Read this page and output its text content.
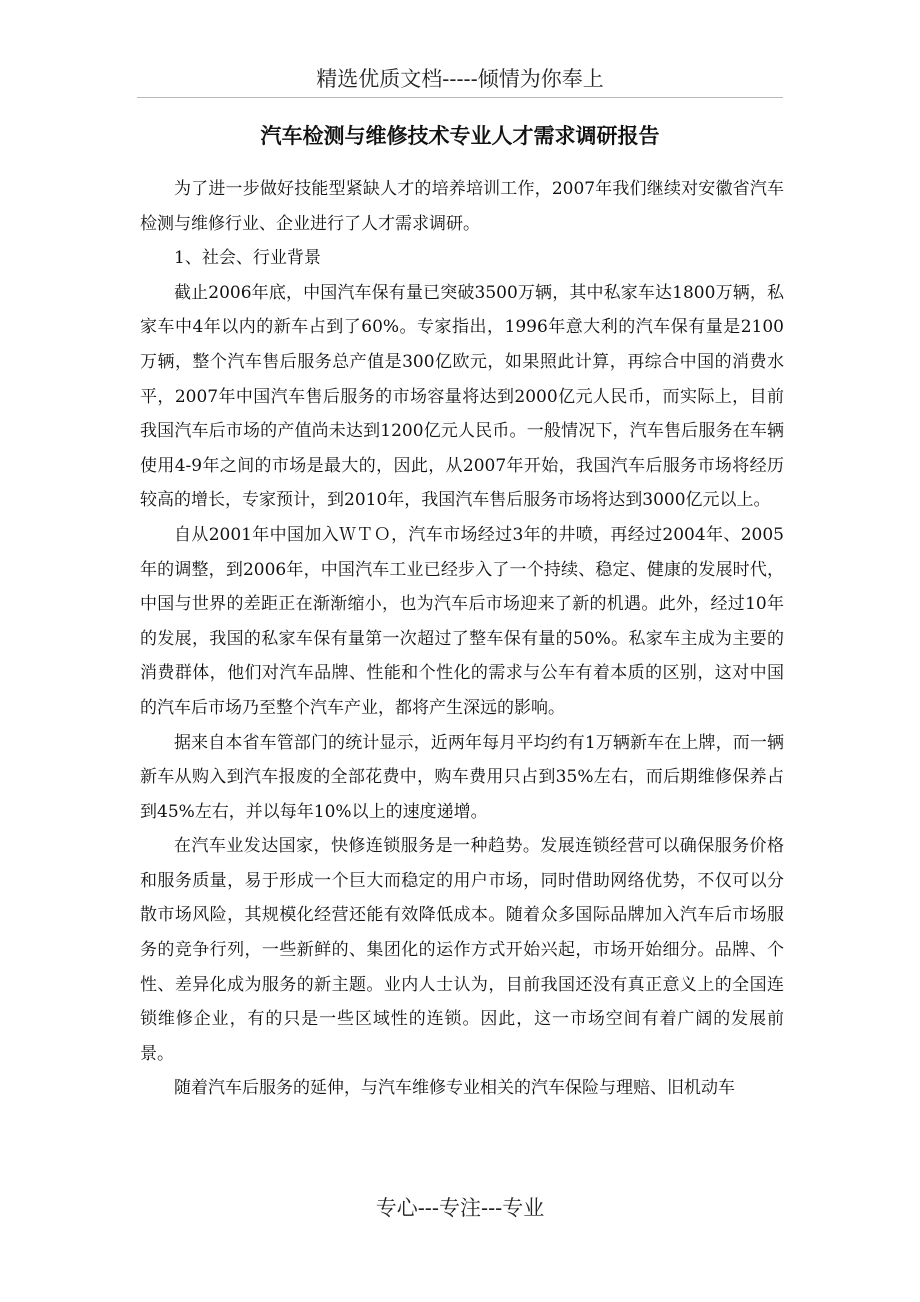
精选优质文档-----倾情为你奉上
汽车检测与维修技术专业人才需求调研报告

为了进一步做好技能型紧缺人才的培养培训工作，2007年我们继续对安徽省汽车检测与维修行业、企业进行了人才需求调研。

1、社会、行业背景

截止2006年底，中国汽车保有量已突破3500万辆，其中私家车达1800万辆，私家车中4年以内的新车占到了60%。专家指出，1996年意大利的汽车保有量是2100万辆，整个汽车售后服务总产值是300亿欧元，如果照此计算，再综合中国的消费水平，2007年中国汽车售后服务的市场容量将达到2000亿元人民币，而实际上，目前我国汽车后市场的产值尚未达到1200亿元人民币。一般情况下，汽车售后服务在车辆使用4-9年之间的市场是最大的，因此，从2007年开始，我国汽车后服务市场将经历较高的增长，专家预计，到2010年，我国汽车售后服务市场将达到3000亿元以上。

自从2001年中国加入ＷＴＯ，汽车市场经过3年的井喷，再经过2004年、2005年的调整，到2006年，中国汽车工业已经步入了一个持续、稳定、健康的发展时代，中国与世界的差距正在渐渐缩小，也为汽车后市场迎来了新的机遇。此外，经过10年的发展，我国的私家车保有量第一次超过了整车保有量的50%。私家车主成为主要的消费群体，他们对汽车品牌、性能和个性化的需求与公车有着本质的区别，这对中国的汽车后市场乃至整个汽车产业，都将产生深远的影响。

据来自本省车管部门的统计显示，近两年每月平均约有1万辆新车在上牌，而一辆新车从购入到汽车报废的全部花费中，购车费用只占到35%左右，而后期维修保养占到45%左右，并以每年10%以上的速度递增。

在汽车业发达国家，快修连锁服务是一种趋势。发展连锁经营可以确保服务价格和服务质量，易于形成一个巨大而稳定的用户市场，同时借助网络优势，不仅可以分散市场风险，其规模化经营还能有效降低成本。随着众多国际品牌加入汽车后市场服务的竞争行列，一些新鲜的、集团化的运作方式开始兴起，市场开始细分。品牌、个性、差异化成为服务的新主题。业内人士认为，目前我国还没有真正意义上的全国连锁维修企业，有的只是一些区域性的连锁。因此，这一市场空间有着广阔的发展前景。

随着汽车后服务的延伸，与汽车维修专业相关的汽车保险与理赔、旧机动车

专心---专注---专业
